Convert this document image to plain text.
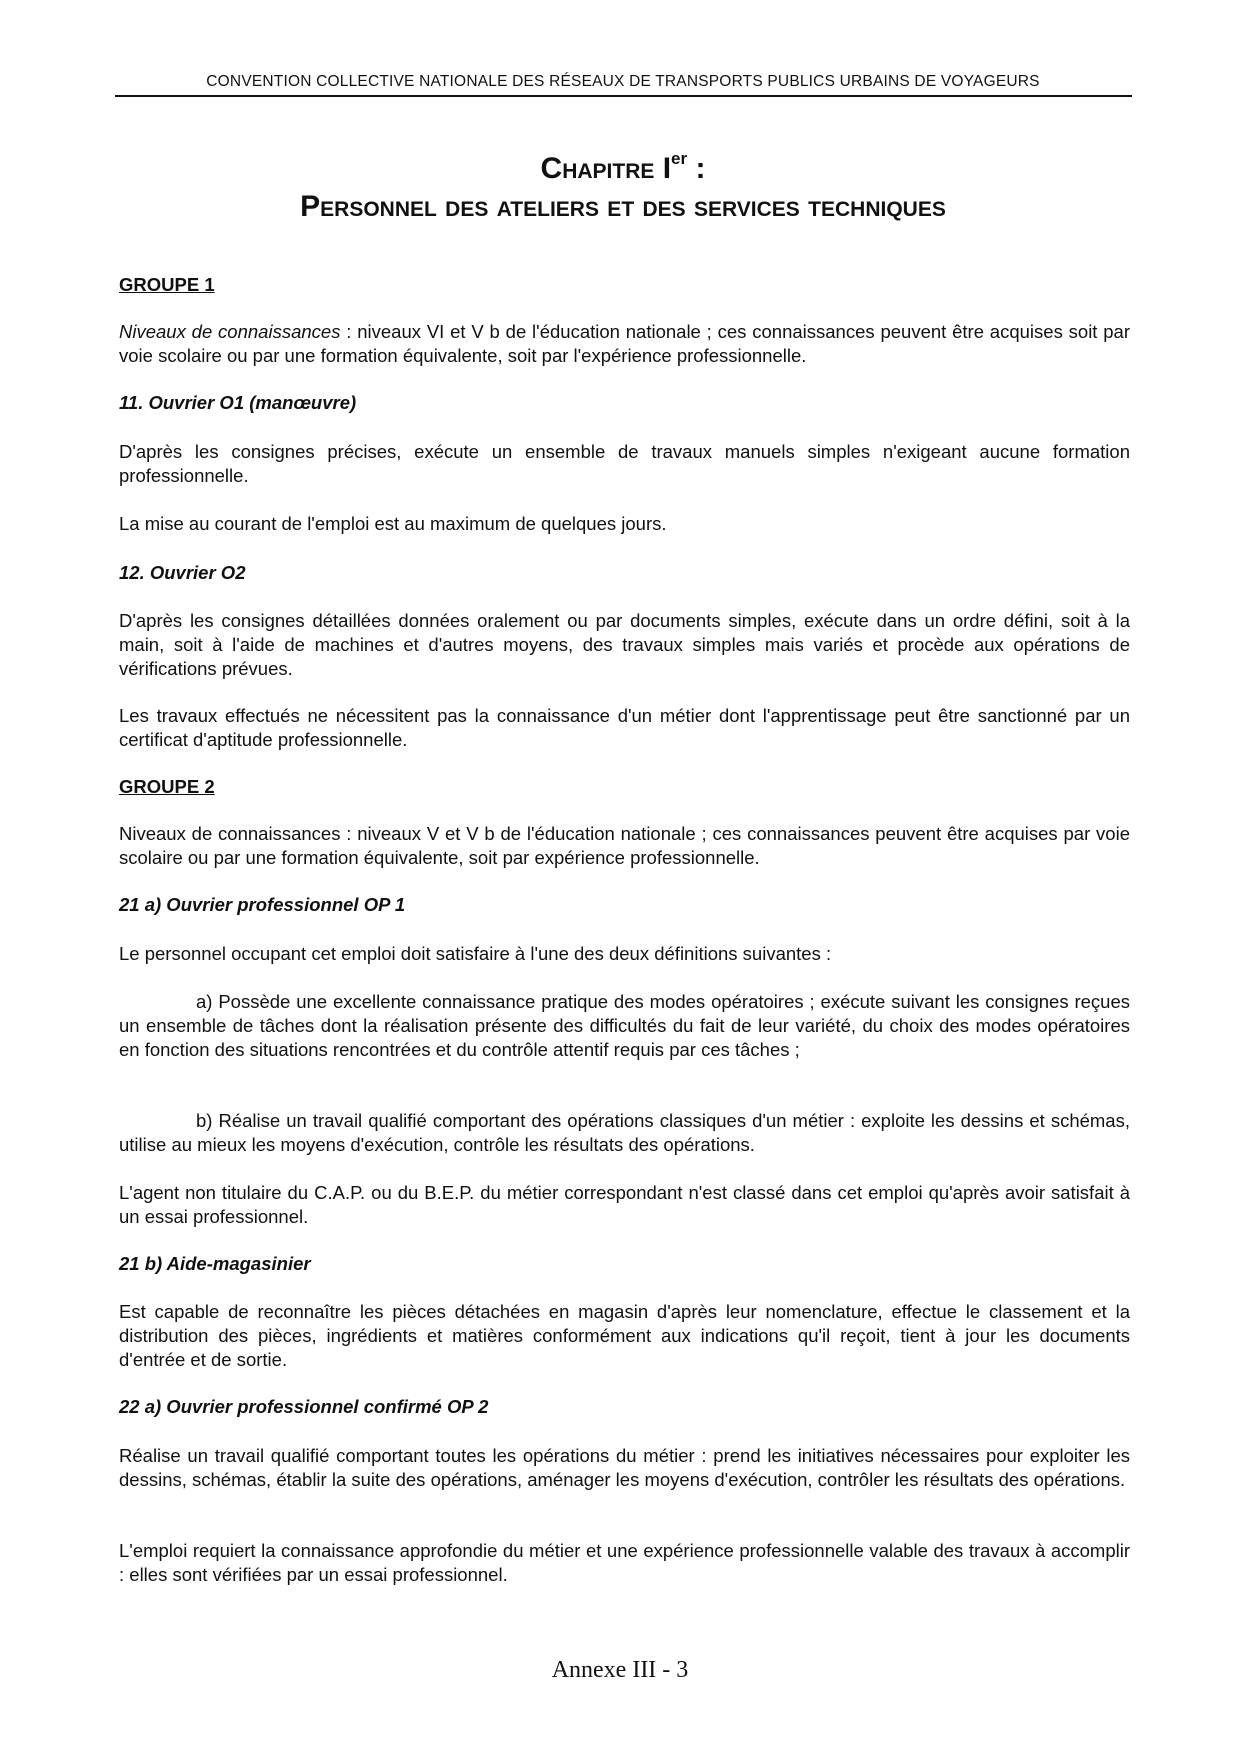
CONVENTION COLLECTIVE NATIONALE DES RÉSEAUX DE TRANSPORTS PUBLICS URBAINS DE VOYAGEURS
Chapitre Ier :
Personnel des ateliers et des services techniques
GROUPE 1

Niveaux de connaissances : niveaux VI et V b de l'éducation nationale ; ces connaissances peuvent être acquises soit par voie scolaire ou par une formation équivalente, soit par l'expérience professionnelle.

11. Ouvrier O1 (manœuvre)

D'après les consignes précises, exécute un ensemble de travaux manuels simples n'exigeant aucune formation professionnelle.

La mise au courant de l'emploi est au maximum de quelques jours.

12. Ouvrier O2

D'après les consignes détaillées données oralement ou par documents simples, exécute dans un ordre défini, soit à la main, soit à l'aide de machines et d'autres moyens, des travaux simples mais variés et procède aux opérations de vérifications prévues.

Les travaux effectués ne nécessitent pas la connaissance d'un métier dont l'apprentissage peut être sanctionné par un certificat d'aptitude professionnelle.

GROUPE 2

Niveaux de connaissances : niveaux V et V b de l'éducation nationale ; ces connaissances peuvent être acquises par voie scolaire ou par une formation équivalente, soit par expérience professionnelle.

21 a) Ouvrier professionnel OP 1

Le personnel occupant cet emploi doit satisfaire à l'une des deux définitions suivantes :

a) Possède une excellente connaissance pratique des modes opératoires ; exécute suivant les consignes reçues un ensemble de tâches dont la réalisation présente des difficultés du fait de leur variété, du choix des modes opératoires en fonction des situations rencontrées et du contrôle attentif requis par ces tâches ;

b) Réalise un travail qualifié comportant des opérations classiques d'un métier : exploite les dessins et schémas, utilise au mieux les moyens d'exécution, contrôle les résultats des opérations.

L'agent non titulaire du C.A.P. ou du B.E.P. du métier correspondant n'est classé dans cet emploi qu'après avoir satisfait à un essai professionnel.

21 b) Aide-magasinier

Est capable de reconnaître les pièces détachées en magasin d'après leur nomenclature, effectue le classement et la distribution des pièces, ingrédients et matières conformément aux indications qu'il reçoit, tient à jour les documents d'entrée et de sortie.

22 a) Ouvrier professionnel confirmé OP 2

Réalise un travail qualifié comportant toutes les opérations du métier : prend les initiatives nécessaires pour exploiter les dessins, schémas, établir la suite des opérations, aménager les moyens d'exécution, contrôler les résultats des opérations.

L'emploi requiert la connaissance approfondie du métier et une expérience professionnelle valable des travaux à accomplir : elles sont vérifiées par un essai professionnel.

Annexe III - 3
